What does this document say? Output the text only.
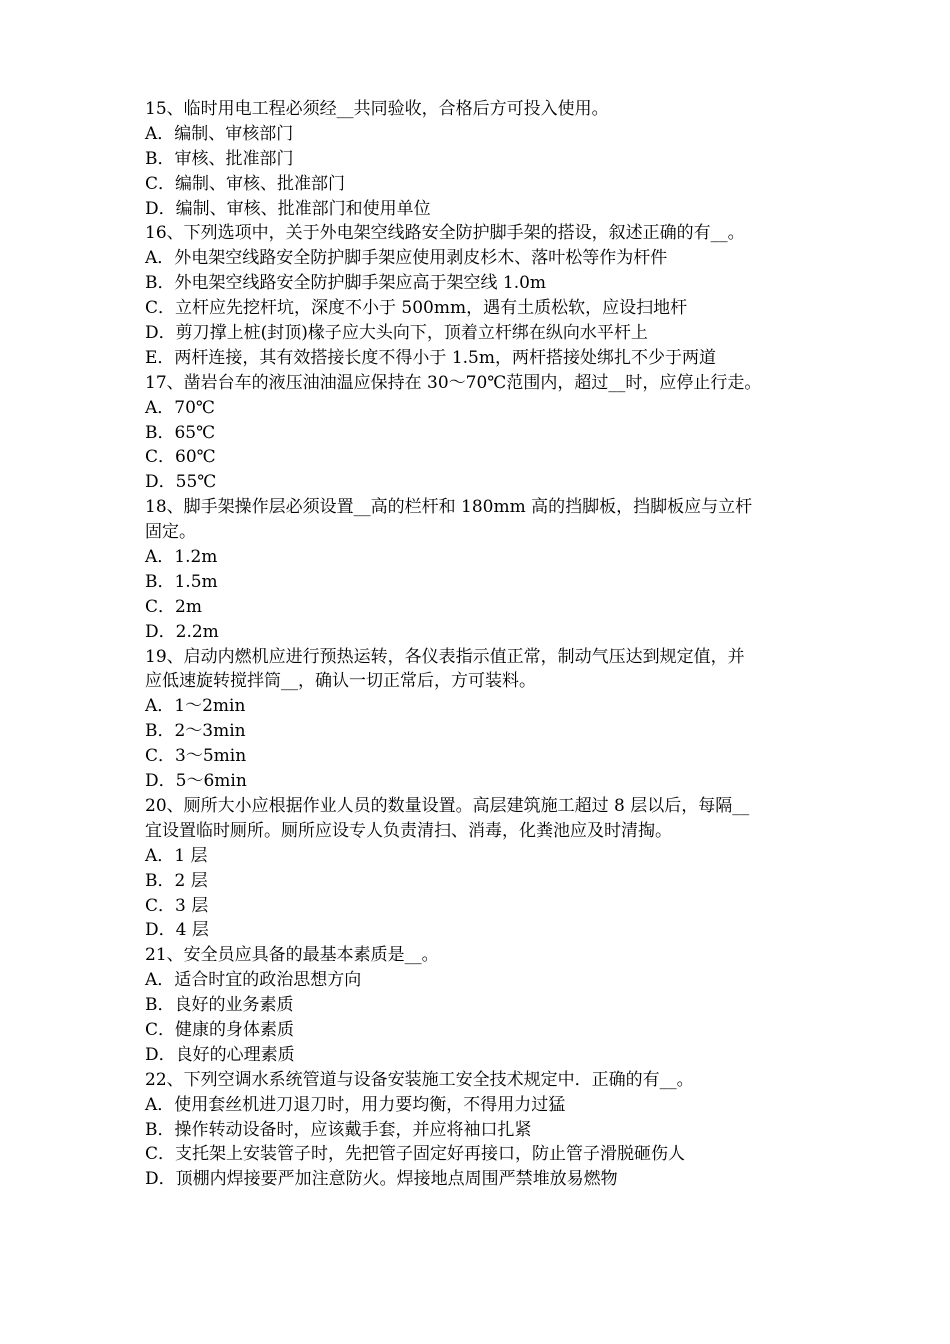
15、临时用电工程必须经__共同验收，合格后方可投入使用。
A．编制、审核部门
B．审核、批准部门
C．编制、审核、批准部门
D．编制、审核、批准部门和使用单位
16、下列选项中，关于外电架空线路安全防护脚手架的搭设，叙述正确的有__。
A．外电架空线路安全防护脚手架应使用剥皮杉木、落叶松等作为杆件
B．外电架空线路安全防护脚手架应高于架空线 1.0m
C．立杆应先挖杆坑，深度不小于 500mm，遇有土质松软，应设扫地杆
D．剪刀撑上桩(封顶)椽子应大头向下，顶着立杆绑在纵向水平杆上
E．两杆连接，其有效搭接长度不得小于 1.5m，两杆搭接处绑扎不少于两道
17、凿岩台车的液压油油温应保持在 30～70℃范围内，超过__时，应停止行走。
A．70℃
B．65℃
C．60℃
D．55℃
18、脚手架操作层必须设置__高的栏杆和 180mm 高的挡脚板，挡脚板应与立杆
固定。
A．1.2m
B．1.5m
C．2m
D．2.2m
19、启动内燃机应进行预热运转，各仪表指示值正常，制动气压达到规定值，并
应低速旋转搅拌筒__，确认一切正常后，方可装料。
A．1～2min
B．2～3min
C．3～5min
D．5～6min
20、厕所大小应根据作业人员的数量设置。高层建筑施工超过 8 层以后，每隔__
宜设置临时厕所。厕所应设专人负责清扫、消毒，化粪池应及时清掏。
A．1 层
B．2 层
C．3 层
D．4 层
21、安全员应具备的最基本素质是__。
A．适合时宜的政治思想方向
B．良好的业务素质
C．健康的身体素质
D．良好的心理素质
22、下列空调水系统管道与设备安装施工安全技术规定中．正确的有__。
A．使用套丝机进刀退刀时，用力要均衡，不得用力过猛
B．操作转动设备时，应该戴手套，并应将袖口扎紧
C．支托架上安装管子时，先把管子固定好再接口，防止管子滑脱砸伤人
D．顶棚内焊接要严加注意防火。焊接地点周围严禁堆放易燃物
